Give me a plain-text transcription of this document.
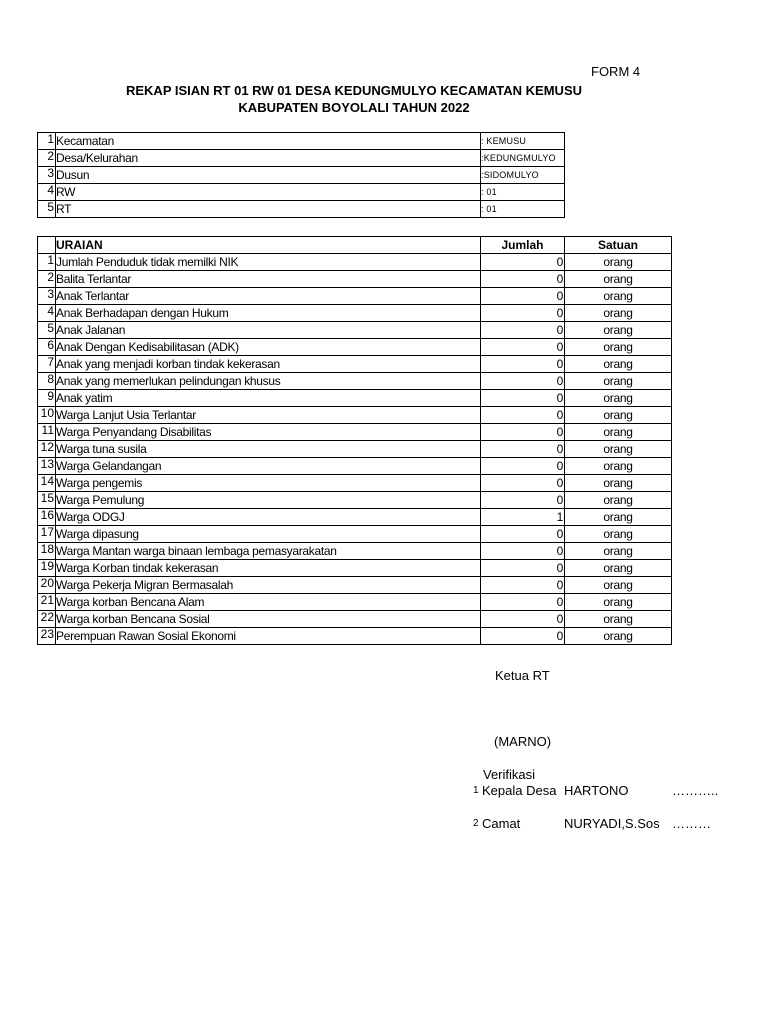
FORM 4
REKAP ISIAN RT 01 RW 01 DESA KEDUNGMULYO KECAMATAN KEMUSU
KABUPATEN BOYOLALI TAHUN 2022
1	Kecamatan	: KEMUSU
2	Desa/Kelurahan	:KEDUNGMULYO
3	Dusun	:SIDOMULYO
4	RW	: 01
5	RT	: 01
	URAIAN	Jumlah	Satuan
1	Jumlah Penduduk tidak memilki NIK	0	orang
2	Balita Terlantar	0	orang
3	Anak Terlantar	0	orang
4	Anak Berhadapan dengan Hukum	0	orang
5	Anak Jalanan	0	orang
6	Anak Dengan Kedisabilitasan (ADK)	0	orang
7	Anak yang menjadi korban tindak kekerasan	0	orang
8	Anak yang memerlukan pelindungan khusus	0	orang
9	Anak yatim	0	orang
10	Warga Lanjut Usia Terlantar	0	orang
11	Warga Penyandang Disabilitas	0	orang
12	Warga tuna susila	0	orang
13	Warga Gelandangan	0	orang
14	Warga pengemis	0	orang
15	Warga Pemulung	0	orang
16	Warga ODGJ	1	orang
17	Warga dipasung	0	orang
18	Warga Mantan warga binaan lembaga pemasyarakatan	0	orang
19	Warga Korban tindak kekerasan	0	orang
20	Warga Pekerja Migran Bermasalah	0	orang
21	Warga korban Bencana Alam	0	orang
22	Warga korban Bencana Sosial	0	orang
23	Perempuan Rawan Sosial Ekonomi	0	orang
Ketua RT
(MARNO)
Verifikasi
1 Kepala Desa HARTONO	………..
2 Camat	NURYADI,S.Sos ………
